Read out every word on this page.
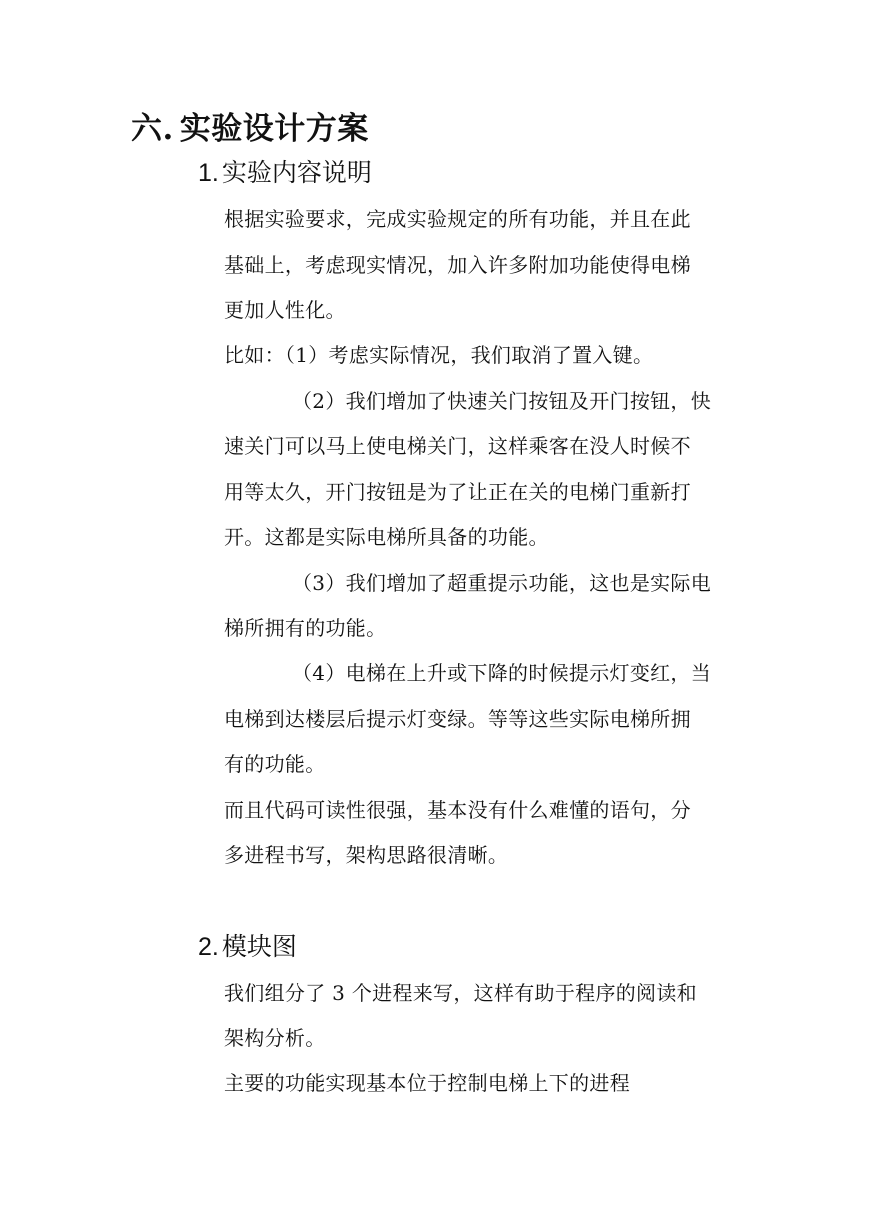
六. 实验设计方案
1. 实验内容说明
根据实验要求，完成实验规定的所有功能，并且在此
基础上，考虑现实情况，加入许多附加功能使得电梯
更加人性化。
比如：（1）考虑实际情况，我们取消了置入键。
（2）我们增加了快速关门按钮及开门按钮，快
速关门可以马上使电梯关门，这样乘客在没人时候不
用等太久，开门按钮是为了让正在关的电梯门重新打
开。这都是实际电梯所具备的功能。
（3）我们增加了超重提示功能，这也是实际电
梯所拥有的功能。
（4）电梯在上升或下降的时候提示灯变红，当
电梯到达楼层后提示灯变绿。等等这些实际电梯所拥
有的功能。
而且代码可读性很强，基本没有什么难懂的语句，分
多进程书写，架构思路很清晰。
2. 模块图
我们组分了 3 个进程来写，这样有助于程序的阅读和
架构分析。
主要的功能实现基本位于控制电梯上下的进程
